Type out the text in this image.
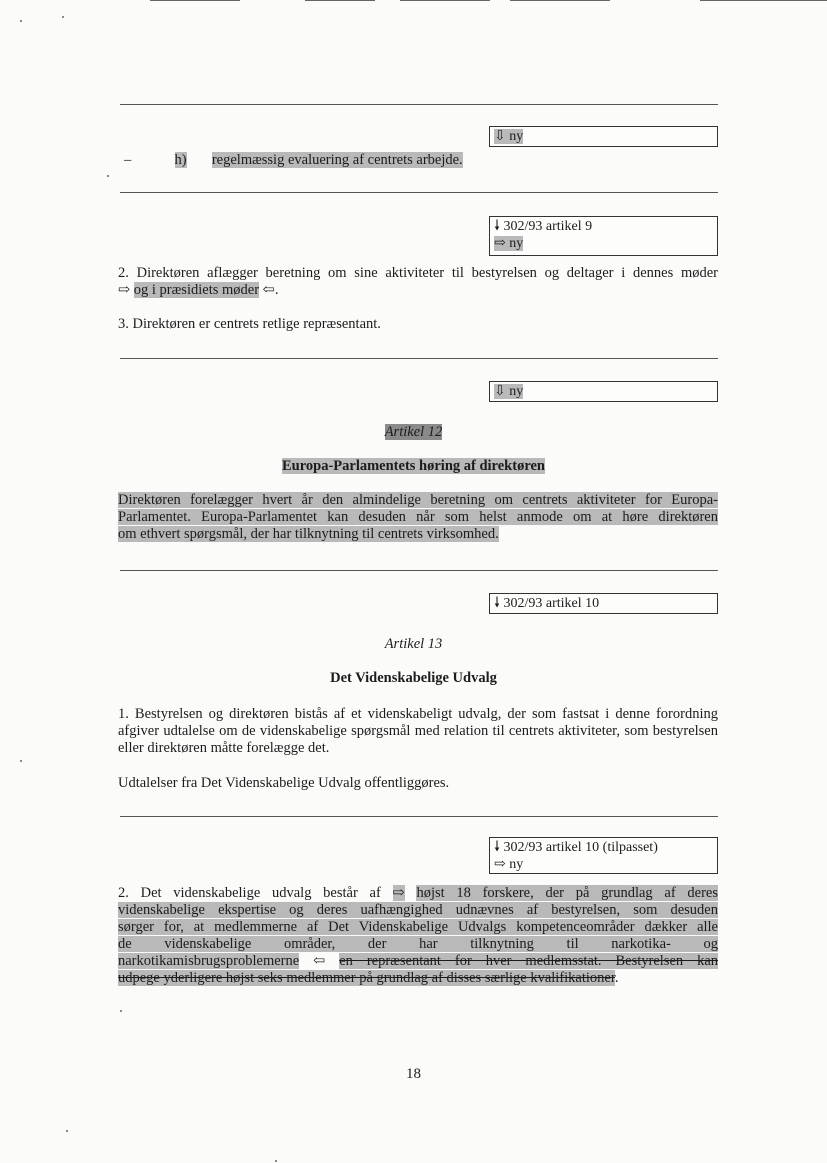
⇩ ny
–	h) regelmæssig evaluering af centrets arbejde.
🠗 302/93 artikel 9
⇨ ny
2. Direktøren aflægger beretning om sine aktiviteter til bestyrelsen og deltager i dennes møder
⇨ og i præsidiets møder ⇦.
3. Direktøren er centrets retlige repræsentant.
⇩ ny
Artikel 12
Europa-Parlamentets høring af direktøren
Direktøren forelægger hvert år den almindelige beretning om centrets aktiviteter for Europa-
Parlamentet. Europa-Parlamentet kan desuden når som helst anmode om at høre direktøren
om ethvert spørgsmål, der har tilknytning til centrets virksomhed.
🠗 302/93 artikel 10
Artikel 13
Det Videnskabelige Udvalg
1. Bestyrelsen og direktøren bistås af et videnskabeligt udvalg, der som fastsat i denne forordning afgiver udtalelse om de videnskabelige spørgsmål med relation til centrets aktiviteter, som bestyrelsen eller direktøren måtte forelægge det.
Udtalelser fra Det Videnskabelige Udvalg offentliggøres.
🠗 302/93 artikel 10 (tilpasset)
⇨ ny
2. Det videnskabelige udvalg består af ⇨ højst 18 forskere, der på grundlag af deres
videnskabelige ekspertise og deres uafhængighed udnævnes af bestyrelsen, som desuden
sørger for, at medlemmerne af Det Videnskabelige Udvalgs kompetenceområder dækker alle
de videnskabelige områder, der har tilknytning til narkotika- og
narkotikamisbrugsproblemerne ⇦ en repræsentant for hver medlemsstat. Bestyrelsen kan
udpege yderligere højst seks medlemmer på grundlag af disses særlige kvalifikationer.
18
